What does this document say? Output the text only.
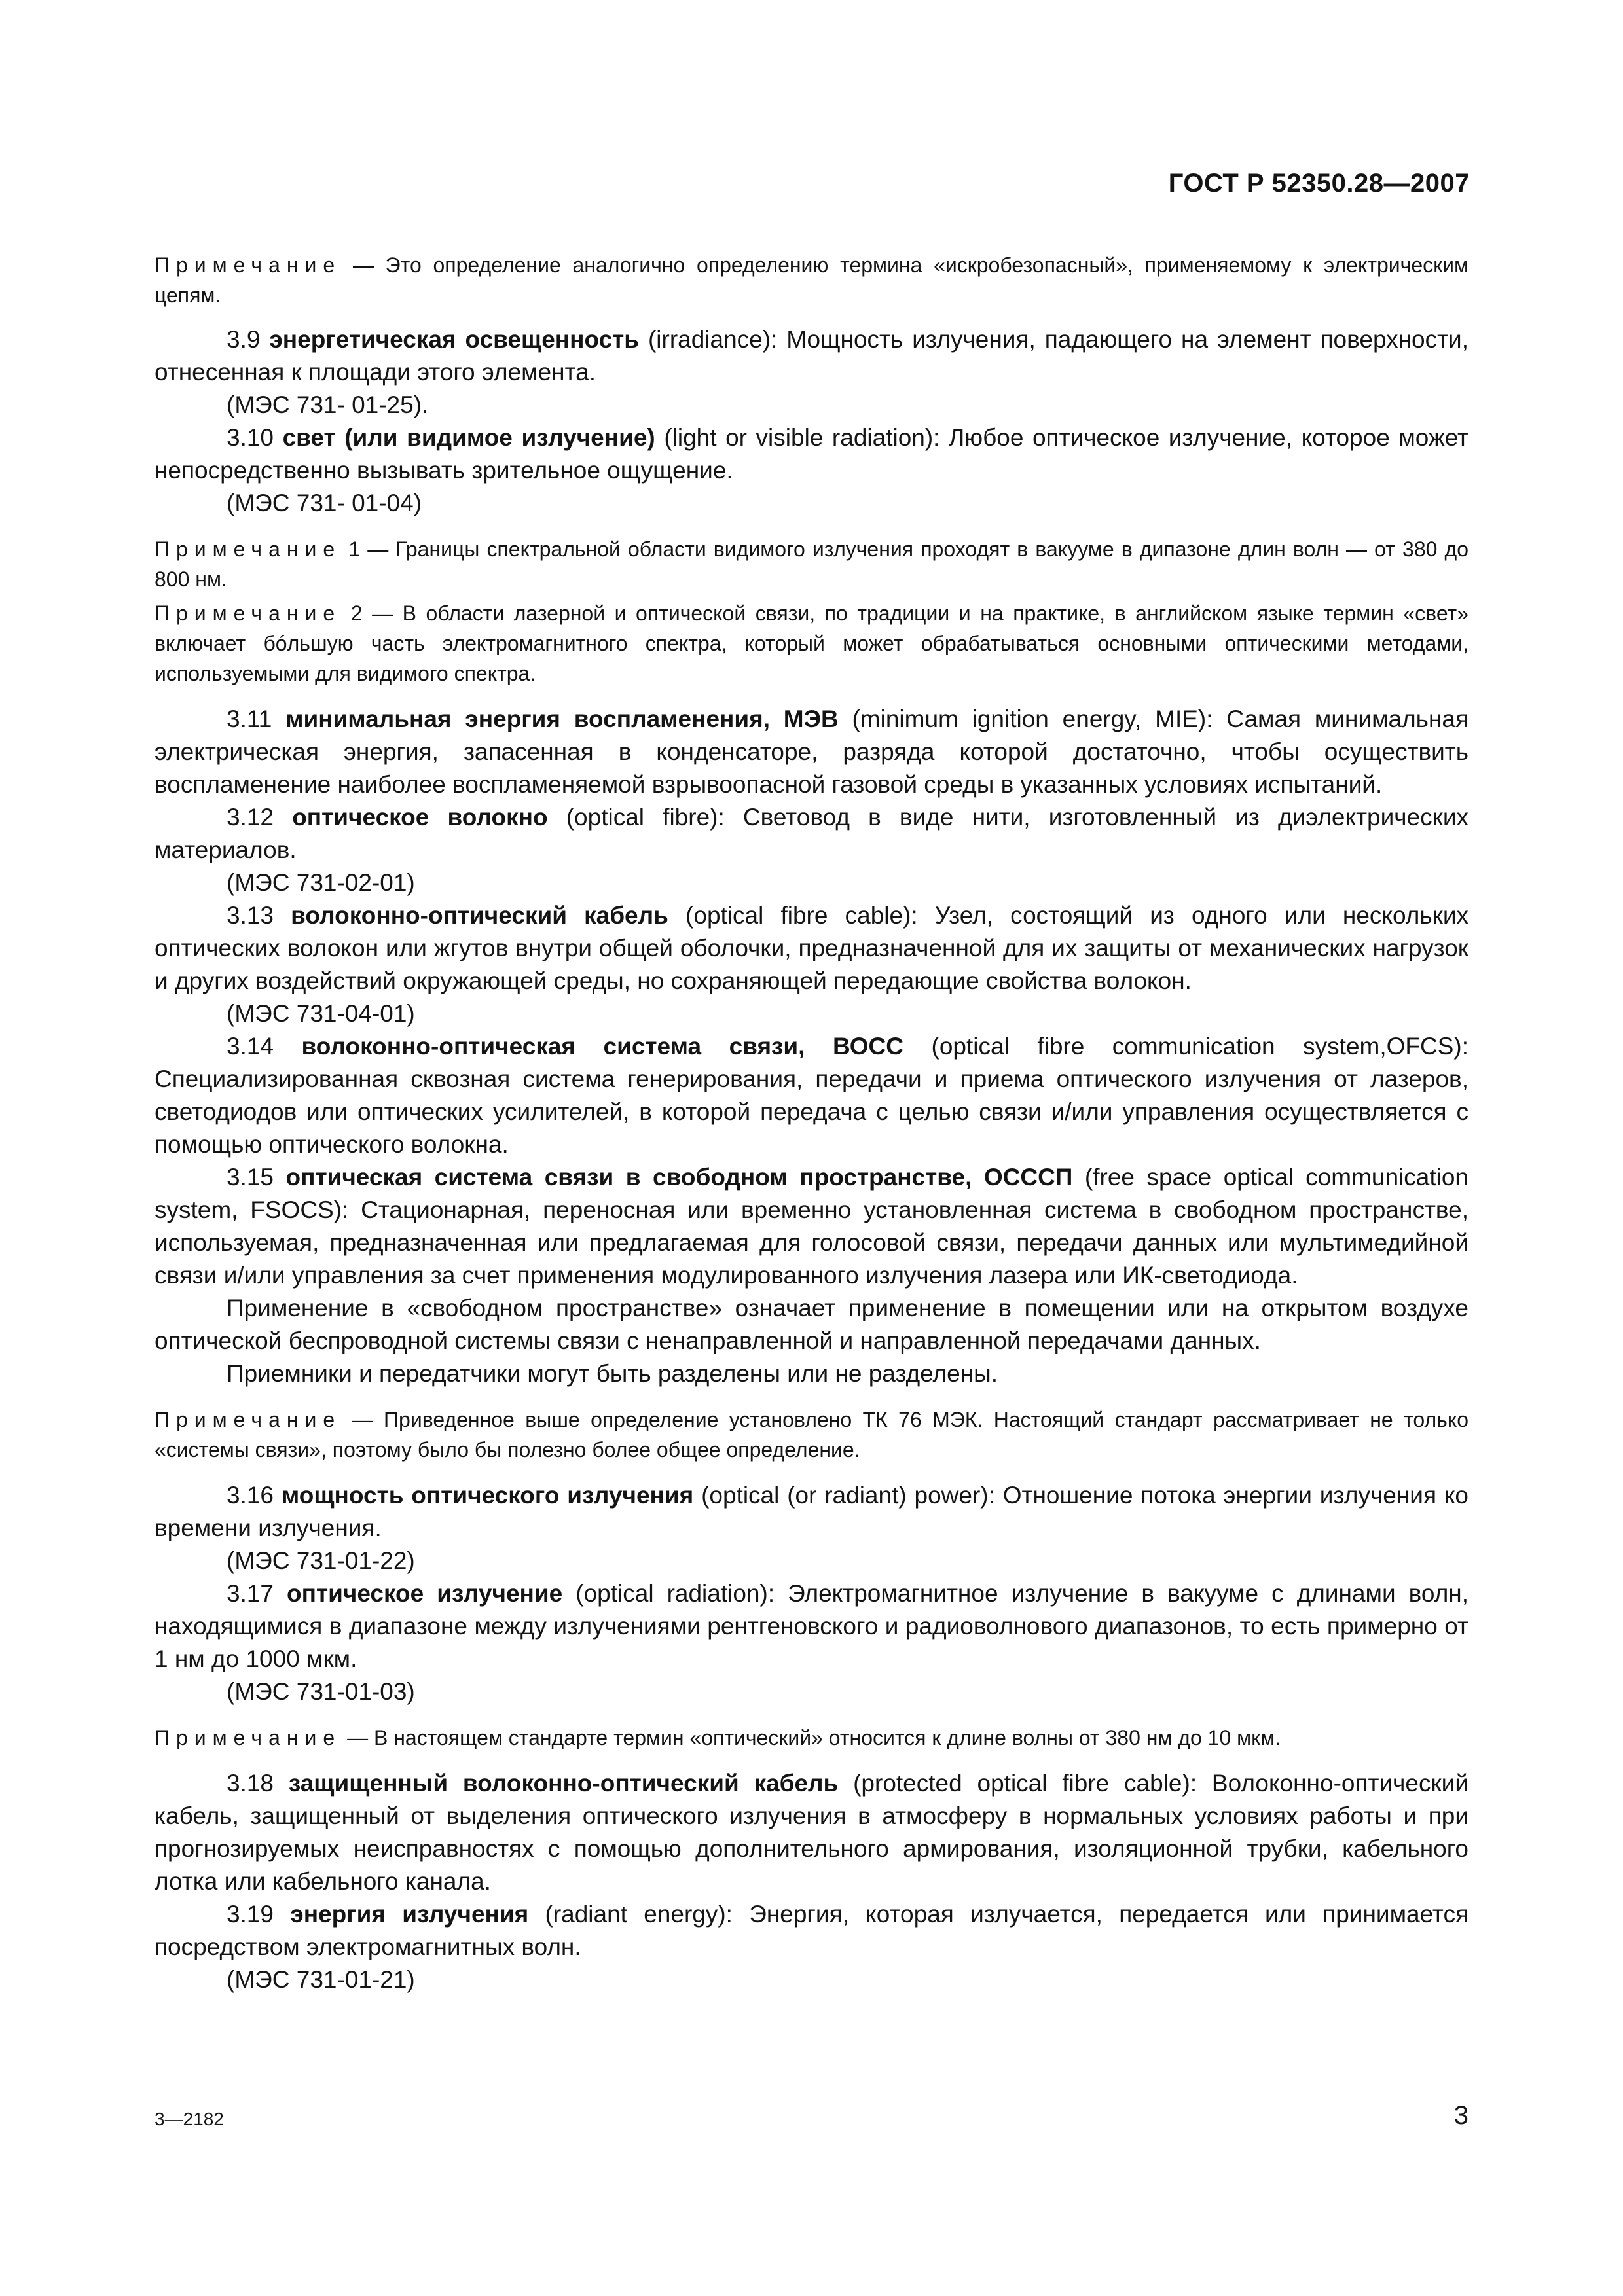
ГОСТ Р 52350.28—2007

Примечание — Это определение аналогично определению термина «искробезопасный», применяемому к электрическим цепям.

3.9 энергетическая освещенность (irradiance): Мощность излучения, падающего на элемент поверхности, отнесенная к площади этого элемента.

(МЭС 731- 01-25).

3.10 свет (или видимое излучение) (light or visible radiation): Любое оптическое излучение, которое может непосредственно вызывать зрительное ощущение.

(МЭС 731- 01-04)

Примечание 1 — Границы спектральной области видимого излучения проходят в вакууме в дипазоне длин волн — от 380 до 800 нм.

Примечание 2 — В области лазерной и оптической связи, по традиции и на практике, в английском языке термин «свет» включает бóльшую часть электромагнитного спектра, который может обрабатываться основными оптическими методами, используемыми для видимого спектра.

3.11 минимальная энергия воспламенения, МЭВ (minimum ignition energy, MIE): Самая минимальная электрическая энергия, запасенная в конденсаторе, разряда которой достаточно, чтобы осуществить воспламенение наиболее воспламеняемой взрывоопасной газовой среды в указанных условиях испытаний.

3.12 оптическое волокно (optical fibre): Световод в виде нити, изготовленный из диэлектрических материалов.

(МЭС 731-02-01)

3.13 волоконно-оптический кабель (optical fibre cable): Узел, состоящий из одного или нескольких оптических волокон или жгутов внутри общей оболочки, предназначенной для их защиты от механических нагрузок и других воздействий окружающей среды, но сохраняющей передающие свойства волокон.

(МЭС 731-04-01)

3.14 волоконно-оптическая система связи, ВОСС (optical fibre communication system,OFCS): Специализированная сквозная система генерирования, передачи и приема оптического излучения от лазеров, светодиодов или оптических усилителей, в которой передача с целью связи и/или управления осуществляется с помощью оптического волокна.

3.15 оптическая система связи в свободном пространстве, ОСССП (free space optical communication system, FSOCS): Стационарная, переносная или временно установленная система в свободном пространстве, используемая, предназначенная или предлагаемая для голосовой связи, передачи данных или мультимедийной связи и/или управления за счет применения модулированного излучения лазера или ИК-светодиода.

Применение в «свободном пространстве» означает применение в помещении или на открытом воздухе оптической беспроводной системы связи с ненаправленной и направленной передачами данных.

Приемники и передатчики могут быть разделены или не разделены.

Примечание — Приведенное выше определение установлено ТК 76 МЭК. Настоящий стандарт рассматривает не только «системы связи», поэтому было бы полезно более общее определение.

3.16 мощность оптического излучения (optical (or radiant) power): Отношение потока энергии излучения ко времени излучения.

(МЭС 731-01-22)

3.17 оптическое излучение (optical radiation): Электромагнитное излучение в вакууме с длинами волн, находящимися в диапазоне между излучениями рентгеновского и радиоволнового диапазонов, то есть примерно от 1 нм до 1000 мкм.

(МЭС 731-01-03)

Примечание — В настоящем стандарте термин «оптический» относится к длине волны от 380 нм до 10 мкм.

3.18 защищенный волоконно-оптический кабель (protected optical fibre cable): Волоконно-оптический кабель, защищенный от выделения оптического излучения в атмосферу в нормальных условиях работы и при прогнозируемых неисправностях с помощью дополнительного армирования, изоляционной трубки, кабельного лотка или кабельного канала.

3.19 энергия излучения (radiant energy): Энергия, которая излучается, передается или принимается посредством электромагнитных волн.

(МЭС 731-01-21)

3—2182	3
